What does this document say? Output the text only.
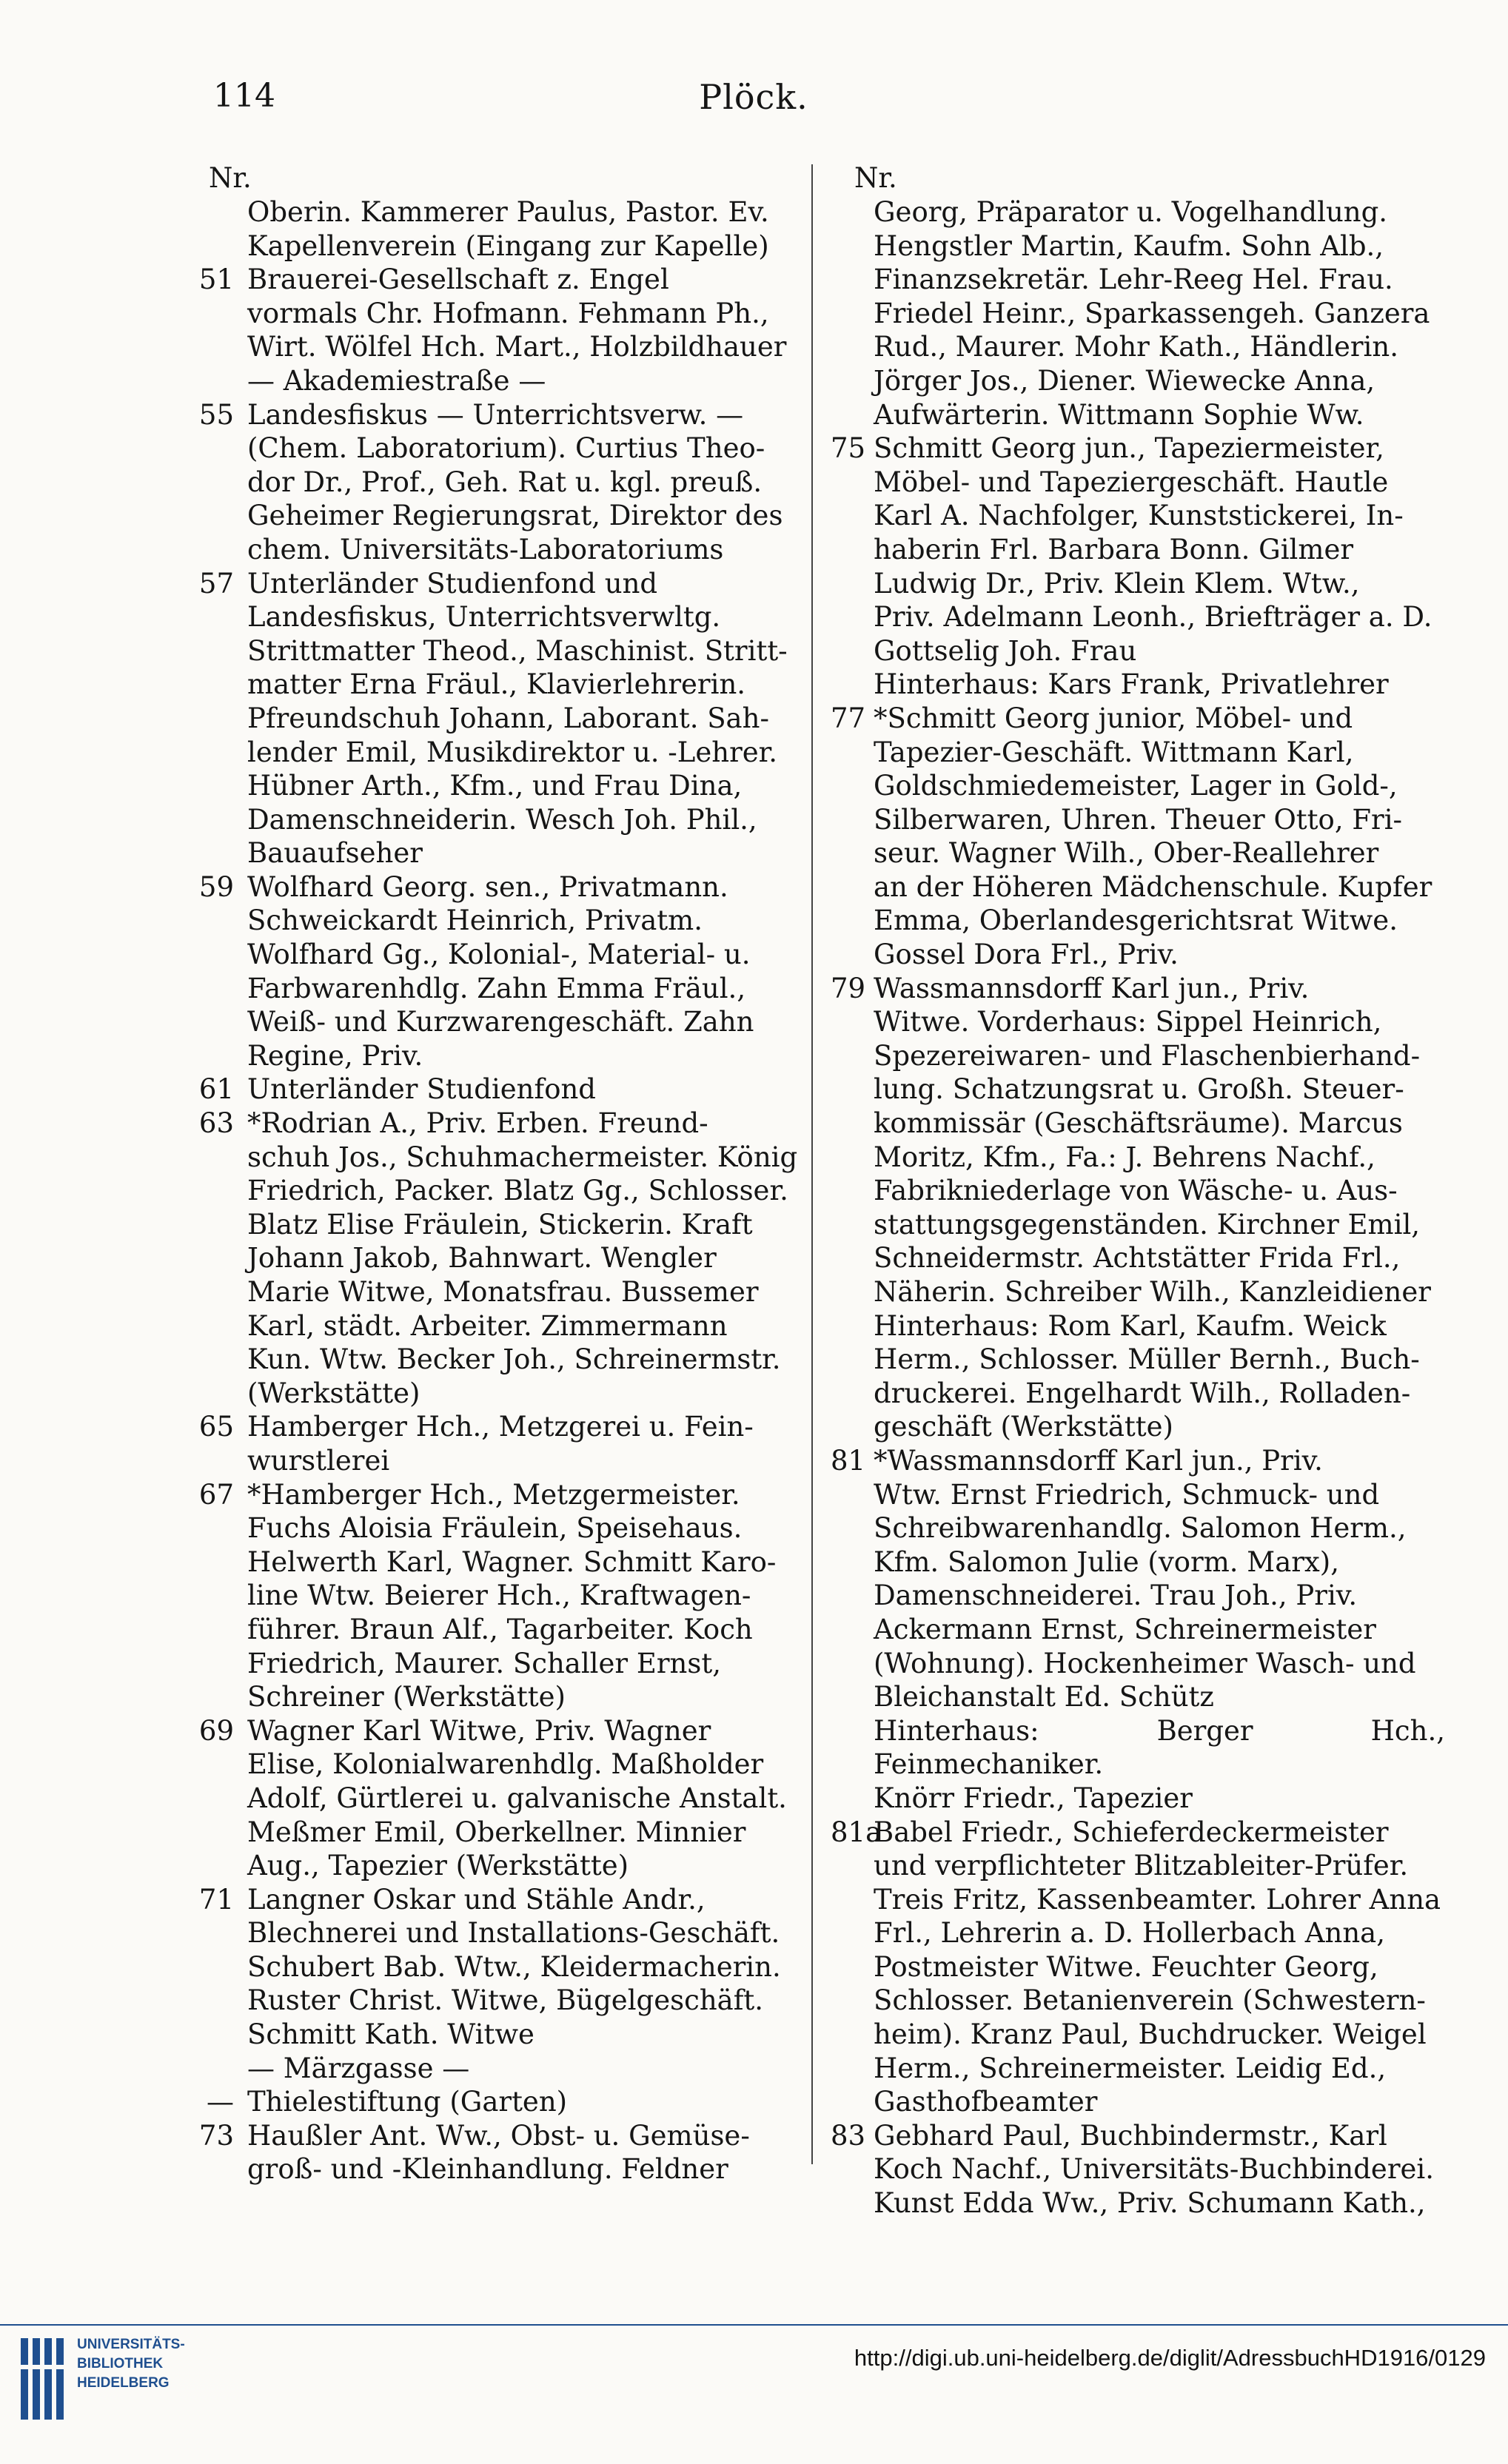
114	Plöck.
Nr.
Oberin. Kammerer Paulus, Pastor. Ev.
Kapellenverein (Eingang zur Kapelle)
51 Brauerei-Gesellschaft z. Engel
vormals Chr. Hofmann. Fehmann Ph.,
Wirt. Wölfel Hch. Mart., Holzbildhauer
— Akademiestraße —
55 Landesfiskus — Unterrichtsverw. —
(Chem. Laboratorium). Curtius Theo-
dor Dr., Prof., Geh. Rat u. kgl. preuß.
Geheimer Regierungsrat, Direktor des
chem. Universitäts-Laboratoriums
57 Unterländer Studienfond und
Landesfiskus, Unterrichtsverwltg.
Strittmatter Theod., Maschinist. Stritt-
matter Erna Fräul., Klavierlehrerin.
Pfreundschuh Johann, Laborant. Sah-
lender Emil, Musikdirektor u. -Lehrer.
Hübner Arth., Kfm., und Frau Dina,
Damenschneiderin. Wesch Joh. Phil.,
Bauaufseher
59 Wolfhard Georg. sen., Privatmann.
Schweickardt Heinrich, Privatm.
Wolfhard Gg., Kolonial-, Material- u.
Farbwarenhdlg. Zahn Emma Fräul.,
Weiß- und Kurzwarengeschäft. Zahn
Regine, Priv.
61 Unterländer Studienfond
63 *Rodrian A., Priv. Erben. Freund-
schuh Jos., Schuhmachermeister. König
Friedrich, Packer. Blatz Gg., Schlosser.
Blatz Elise Fräulein, Stickerin. Kraft
Johann Jakob, Bahnwart. Wengler
Marie Witwe, Monatsfrau. Bussemer
Karl, städt. Arbeiter. Zimmermann
Kun. Wtw. Becker Joh., Schreinermstr.
(Werkstätte)
65 Hamberger Hch., Metzgerei u. Fein-
wurstlerei
67 *Hamberger Hch., Metzgermeister.
Fuchs Aloisia Fräulein, Speisehaus.
Helwerth Karl, Wagner. Schmitt Karo-
line Wtw. Beierer Hch., Kraftwagen-
führer. Braun Alf., Tagarbeiter. Koch
Friedrich, Maurer. Schaller Ernst,
Schreiner (Werkstätte)
69 Wagner Karl Witwe, Priv. Wagner
Elise, Kolonialwarenhdlg. Maßholder
Adolf, Gürtlerei u. galvanische Anstalt.
Meßmer Emil, Oberkellner. Minnier
Aug., Tapezier (Werkstätte)
71 Langner Oskar und Stähle Andr.,
Blechnerei und Installations-Geschäft.
Schubert Bab. Wtw., Kleidermacherin.
Ruster Christ. Witwe, Bügelgeschäft.
Schmitt Kath. Witwe
— Märzgasse —
— Thielestiftung (Garten)
73 Haußler Ant. Ww., Obst- u. Gemüse-
groß- und -Kleinhandlung. Feldner
Nr.
Georg, Präparator u. Vogelhandlung.
Hengstler Martin, Kaufm. Sohn Alb.,
Finanzsekretär. Lehr-Reeg Hel. Frau.
Friedel Heinr., Sparkassengeh. Ganzera
Rud., Maurer. Mohr Kath., Händlerin.
Jörger Jos., Diener. Wiewecke Anna,
Aufwärterin. Wittmann Sophie Ww.
75 Schmitt Georg jun., Tapeziermeister,
Möbel- und Tapeziergeschäft. Hautle
Karl A. Nachfolger, Kunststickerei, In-
haberin Frl. Barbara Bonn. Gilmer
Ludwig Dr., Priv. Klein Klem. Wtw.,
Priv. Adelmann Leonh., Briefträger a. D.
Gottselig Joh. Frau
Hinterhaus: Kars Frank, Privatlehrer
77 *Schmitt Georg junior, Möbel- und
Tapezier-Geschäft. Wittmann Karl,
Goldschmiedemeister, Lager in Gold-,
Silberwaren, Uhren. Theuer Otto, Fri-
seur. Wagner Wilh., Ober-Reallehrer
an der Höheren Mädchenschule. Kupfer
Emma, Oberlandesgerichtsrat Witwe.
Gossel Dora Frl., Priv.
79 Wassmannsdorff Karl jun., Priv.
Witwe. Vorderhaus: Sippel Heinrich,
Spezereiwaren- und Flaschenbierhand-
lung. Schatzungsrat u. Großh. Steuer-
kommissär (Geschäftsräume). Marcus
Moritz, Kfm., Fa.: J. Behrens Nachf.,
Fabrikniederlage von Wäsche- u. Aus-
stattungsgegenständen. Kirchner Emil,
Schneidermstr. Achtstätter Frida Frl.,
Näherin. Schreiber Wilh., Kanzleidiener
Hinterhaus: Rom Karl, Kaufm. Weick
Herm., Schlosser. Müller Bernh., Buch-
druckerei. Engelhardt Wilh., Rolladen-
geschäft (Werkstätte)
81 *Wassmannsdorff Karl jun., Priv.
Wtw. Ernst Friedrich, Schmuck- und
Schreibwarenhandlg. Salomon Herm.,
Kfm. Salomon Julie (vorm. Marx),
Damenschneiderei. Trau Joh., Priv.
Ackermann Ernst, Schreinermeister
(Wohnung). Hockenheimer Wasch- und
Bleichanstalt Ed. Schütz
Hinterhaus: Berger Hch., Feinmechaniker.
Knörr Friedr., Tapezier
81a
Babel Friedr., Schieferdeckermeister
und verpflichteter Blitzableiter-Prüfer.
Treis Fritz, Kassenbeamter. Lohrer Anna
Frl., Lehrerin a. D. Hollerbach Anna,
Postmeister Witwe. Feuchter Georg,
Schlosser. Betanienverein (Schwestern-
heim). Kranz Paul, Buchdrucker. Weigel
Herm., Schreinermeister. Leidig Ed.,
Gasthofbeamter
83 Gebhard Paul, Buchbindermstr., Karl
Koch Nachf., Universitäts-Buchbinderei.
Kunst Edda Ww., Priv. Schumann Kath.,
UNIVERSITÄTS-
BIBLIOTHEK
HEIDELBERG
http://digi.ub.uni-heidelberg.de/diglit/AdressbuchHD1916/0129
